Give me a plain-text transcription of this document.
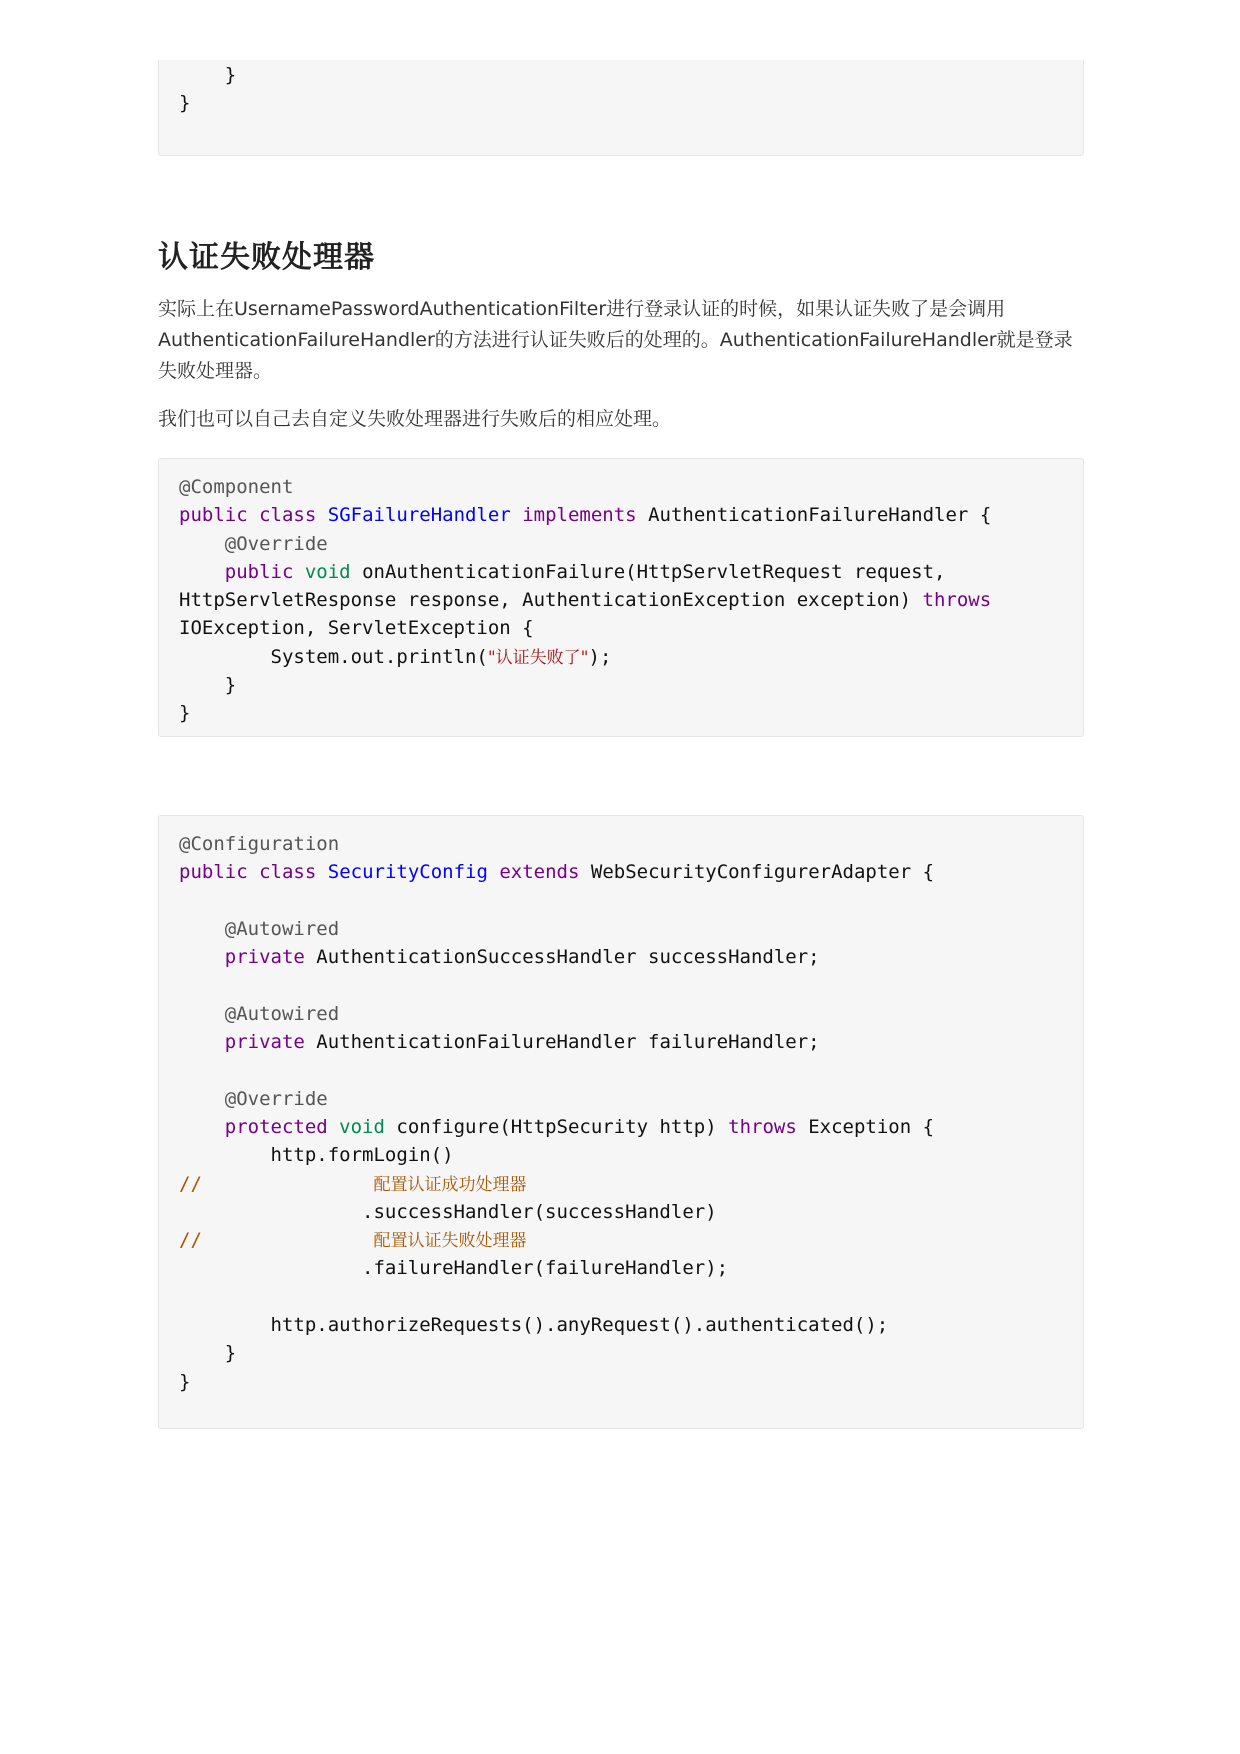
}
}
认证失败处理器

实际上在UsernamePasswordAuthenticationFilter进行登录认证的时候，如果认证失败了是会调用AuthenticationFailureHandler的方法进行认证失败后的处理的。AuthenticationFailureHandler就是登录失败处理器。

我们也可以自己去自定义失败处理器进行失败后的相应处理。

@Component
public class SGFailureHandler implements AuthenticationFailureHandler {
@Override
public void onAuthenticationFailure(HttpServletRequest request,
HttpServletResponse response, AuthenticationException exception) throws
IOException, ServletException {
System.out.println("认证失败了");
}
}
@Configuration
public class SecurityConfig extends WebSecurityConfigurerAdapter {
@Autowired
private AuthenticationSuccessHandler successHandler;
@Autowired
private AuthenticationFailureHandler failureHandler;
@Override
protected void configure(HttpSecurity http) throws Exception {
http.formLogin()
//	配置认证成功处理器
.successHandler(successHandler)
//	配置认证失败处理器
.failureHandler(failureHandler);
http.authorizeRequests().anyRequest().authenticated();
}
}
